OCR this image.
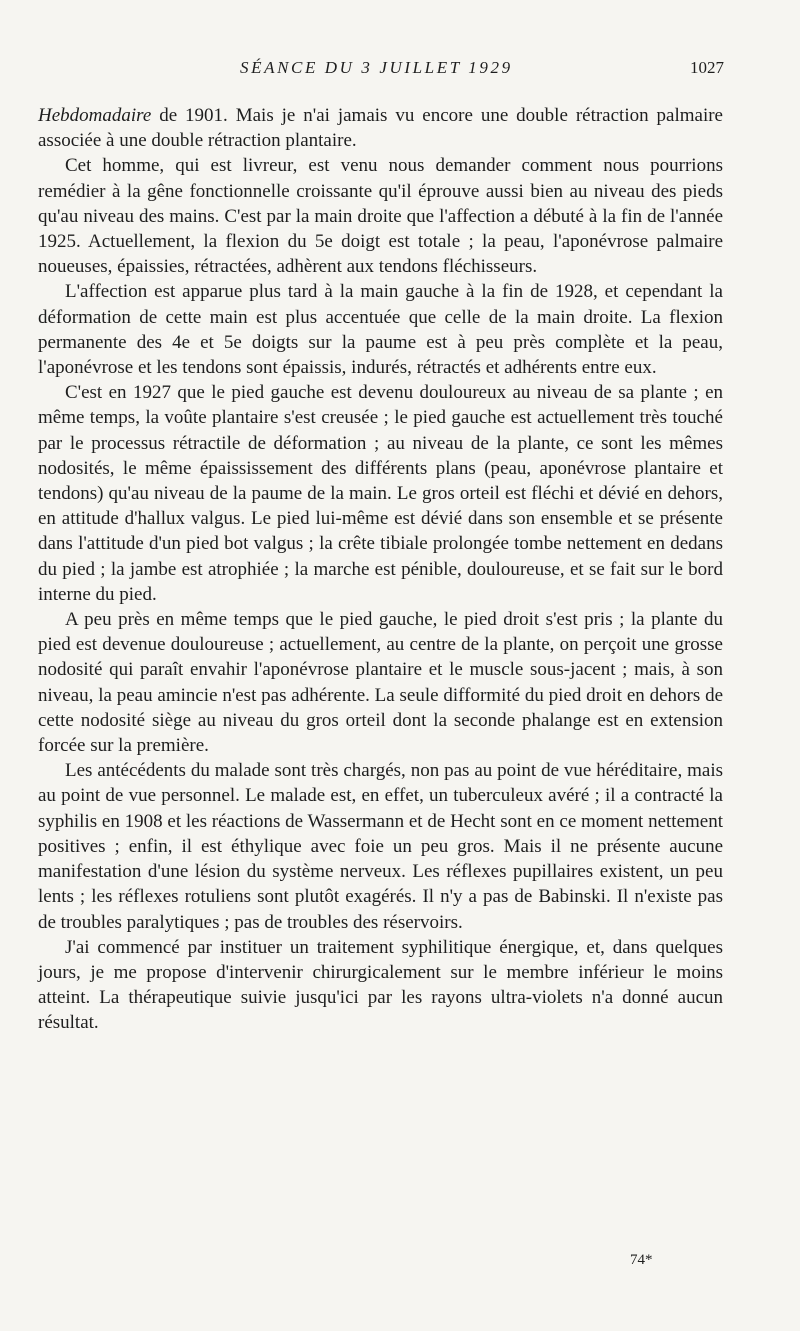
SÉANCE DU 3 JUILLET 1929	1027

Hebdomadaire de 1901. Mais je n'ai jamais vu encore une double rétraction palmaire associée à une double rétraction plantaire.

Cet homme, qui est livreur, est venu nous demander comment nous pourrions remédier à la gêne fonctionnelle croissante qu'il éprouve aussi bien au niveau des pieds qu'au niveau des mains. C'est par la main droite que l'affection a débuté à la fin de l'année 1925. Actuellement, la flexion du 5e doigt est totale ; la peau, l'aponévrose palmaire noueuses, épaissies, rétractées, adhèrent aux tendons fléchisseurs.

L'affection est apparue plus tard à la main gauche à la fin de 1928, et cependant la déformation de cette main est plus accentuée que celle de la main droite. La flexion permanente des 4e et 5e doigts sur la paume est à peu près complète et la peau, l'aponévrose et les tendons sont épaissis, indurés, rétractés et adhérents entre eux.

C'est en 1927 que le pied gauche est devenu douloureux au niveau de sa plante ; en même temps, la voûte plantaire s'est creusée ; le pied gauche est actuellement très touché par le processus rétractile de déformation ; au niveau de la plante, ce sont les mêmes nodosités, le même épaississement des différents plans (peau, aponévrose plantaire et tendons) qu'au niveau de la paume de la main. Le gros orteil est fléchi et dévié en dehors, en attitude d'hallux valgus. Le pied lui-même est dévié dans son ensemble et se présente dans l'attitude d'un pied bot valgus ; la crête tibiale prolongée tombe nettement en dedans du pied ; la jambe est atrophiée ; la marche est pénible, douloureuse, et se fait sur le bord interne du pied.

A peu près en même temps que le pied gauche, le pied droit s'est pris ; la plante du pied est devenue douloureuse ; actuellement, au centre de la plante, on perçoit une grosse nodosité qui paraît envahir l'aponévrose plantaire et le muscle sous-jacent ; mais, à son niveau, la peau amincie n'est pas adhérente. La seule difformité du pied droit en dehors de cette nodosité siège au niveau du gros orteil dont la seconde phalange est en extension forcée sur la première.

Les antécédents du malade sont très chargés, non pas au point de vue héréditaire, mais au point de vue personnel. Le malade est, en effet, un tuberculeux avéré ; il a contracté la syphilis en 1908 et les réactions de Wassermann et de Hecht sont en ce moment nettement positives ; enfin, il est éthylique avec foie un peu gros. Mais il ne présente aucune manifestation d'une lésion du système nerveux. Les réflexes pupillaires existent, un peu lents ; les réflexes rotuliens sont plutôt exagérés. Il n'y a pas de Babinski. Il n'existe pas de troubles paralytiques ; pas de troubles des réservoirs.

J'ai commencé par instituer un traitement syphilitique énergique, et, dans quelques jours, je me propose d'intervenir chirurgicalement sur le membre inférieur le moins atteint. La thérapeutique suivie jusqu'ici par les rayons ultra-violets n'a donné aucun résultat.

74*
